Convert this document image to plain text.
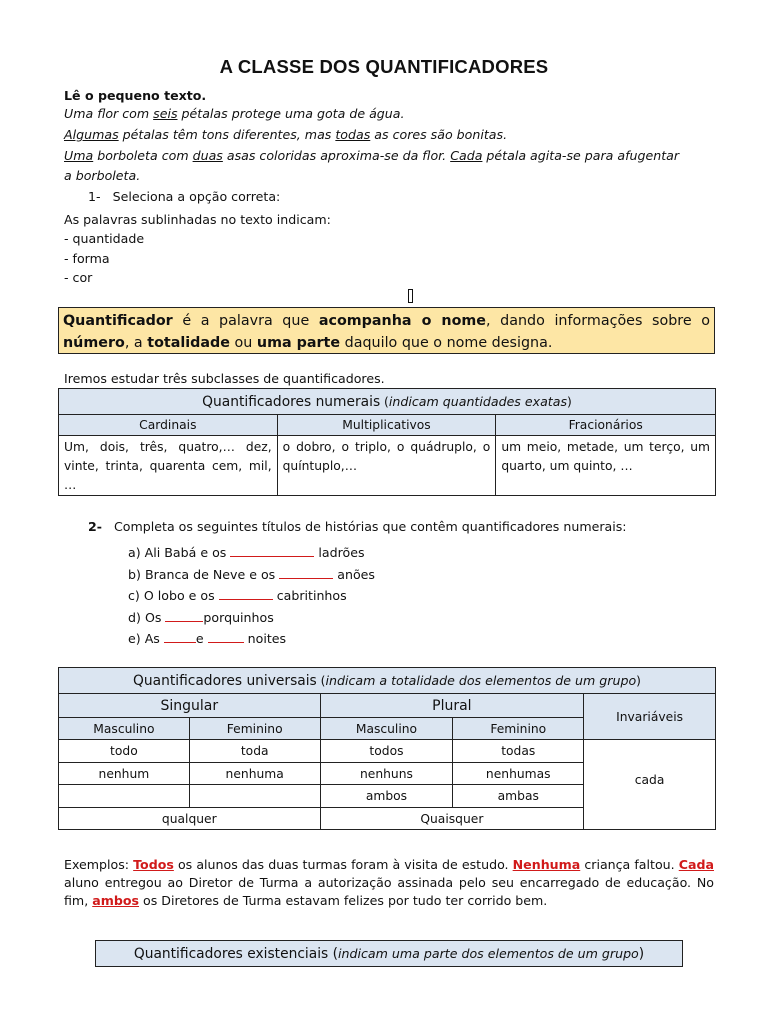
A CLASSE DOS QUANTIFICADORES
Lê o pequeno texto.
Uma flor com seis pétalas protege uma gota de água.
Algumas pétalas têm tons diferentes, mas todas as cores são bonitas.
Uma borboleta com duas asas coloridas aproxima-se da flor. Cada pétala agita-se para afugentar
a borboleta.
1- Seleciona a opção correta:
As palavras sublinhadas no texto indicam:
- quantidade
- forma
- cor
Quantificador é a palavra que acompanha o nome, dando informações sobre o número, a totalidade ou uma parte daquilo que o nome designa.
Iremos estudar três subclasses de quantificadores.
Quantificadores numerais (indicam quantidades exatas)		
Cardinais	Multiplicativos	Fracionários
Um, dois, três, quatro,… dez, vinte, trinta, quarenta cem, mil, …	o dobro, o triplo, o quádruplo, o quíntuplo,…	um meio, metade, um terço, um quarto, um quinto, …
2- Completa os seguintes títulos de histórias que contêm quantificadores numerais:
a) Ali Babá e os	ladrões
b) Branca de Neve e os	anões
c) O lobo e os	cabritinhos
d) Os	porquinhos
e) As	e	noites
Quantificadores universais (indicam a totalidade dos elementos de um grupo)				
Singular		Plural		Invariáveis
Masculino	Feminino	Masculino	Feminino	
todo	toda	todos	todas	cada

nenhum	nenhuma	nenhuns	nenhumas	
		ambos	ambas	
qualquer		Quaisquer		
Exemplos: Todos os alunos das duas turmas foram à visita de estudo. Nenhuma criança faltou. Cada aluno entregou ao Diretor de Turma a autorização assinada pelo seu encarregado de educação. No fim, ambos os Diretores de Turma estavam felizes por tudo ter corrido bem.
Quantificadores existenciais (indicam uma parte dos elementos de um grupo)
